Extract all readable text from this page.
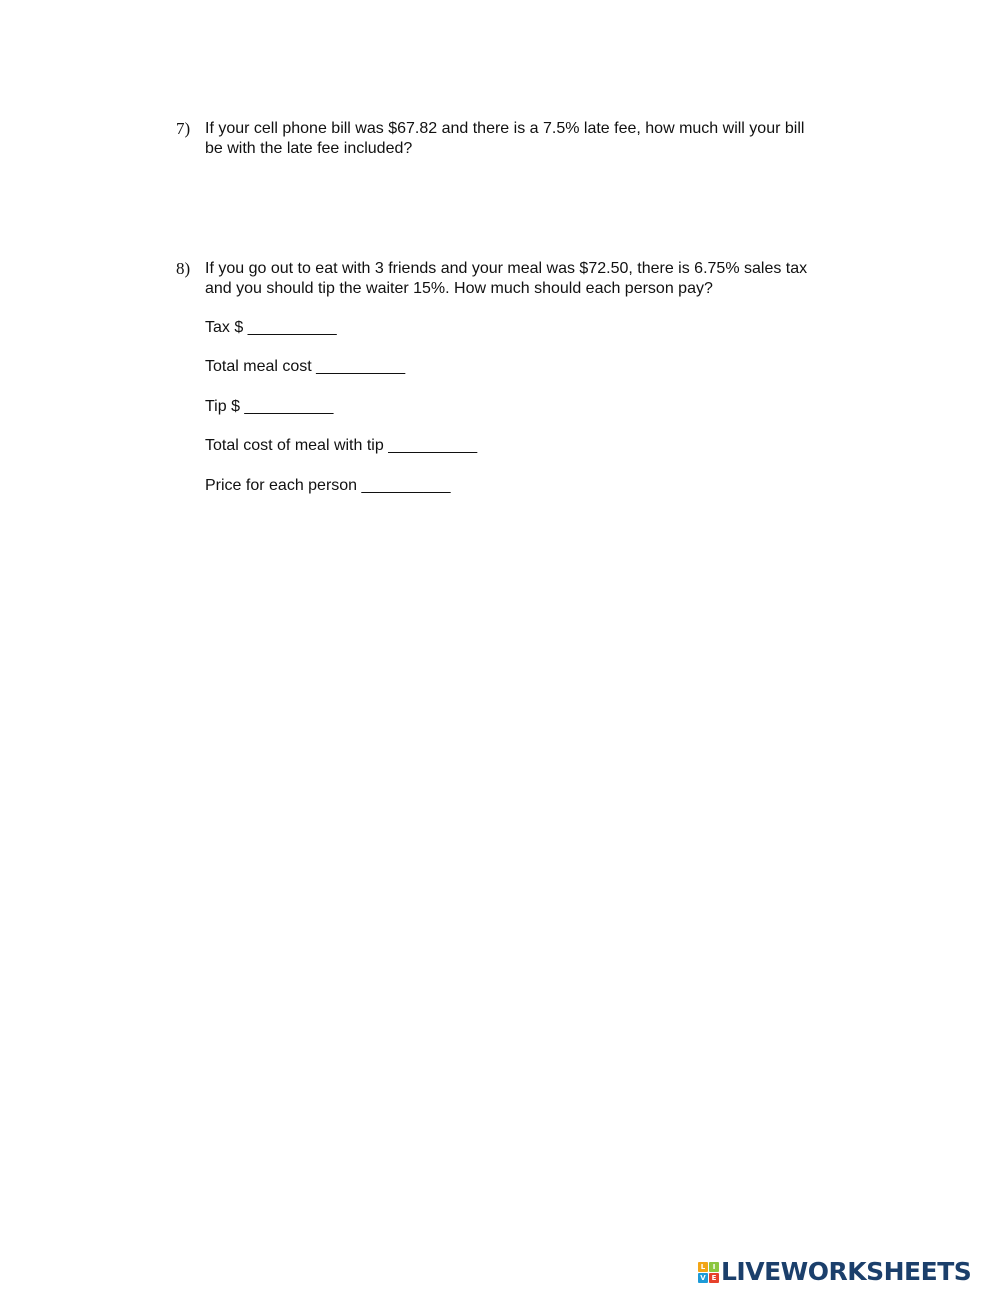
7) If your cell phone bill was $67.82 and there is a 7.5% late fee, how much will your bill
be with the late fee included?
8) If you go out to eat with 3 friends and your meal was $72.50, there is 6.75% sales tax
and you should tip the waiter 15%. How much should each person pay?
Tax $ __________
Total meal cost __________
Tip $ __________
Total cost of meal with tip __________
Price for each person __________
L	I
V E LIVEWORKSHEETS
